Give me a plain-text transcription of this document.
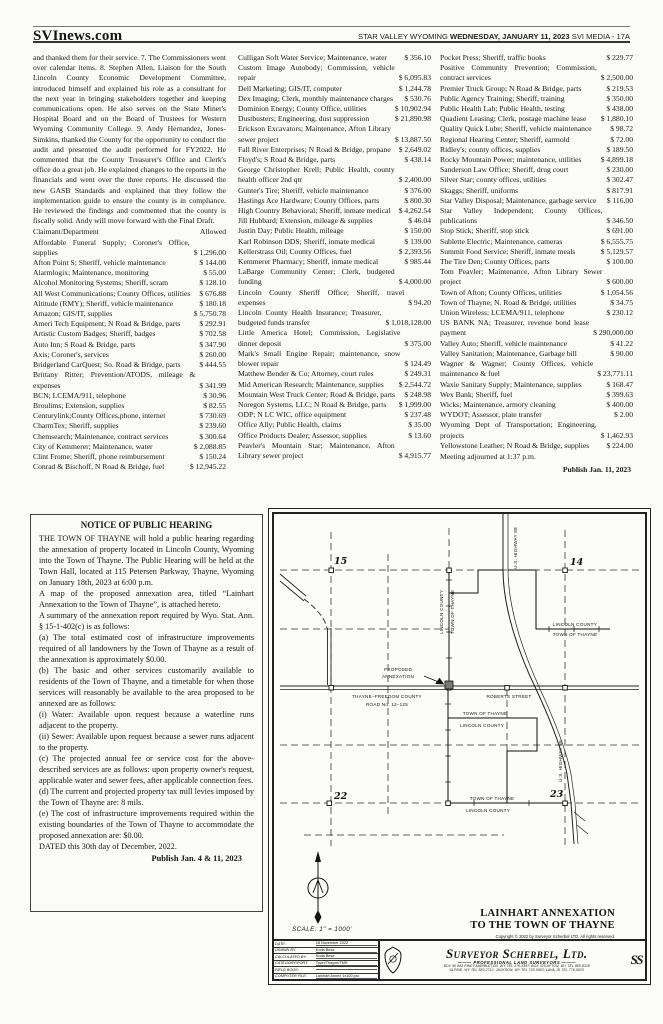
SVInews.com	STAR VALLEY WYOMING WEDNESDAY, JANUARY 11, 2023 SVI MEDIA - 17A

and thanked them for their service. 7. The Commissioners went over calendar items. 8. Stephen Allen, Liaison for the South Lincoln County Economic Development Committee, introduced himself and explained his role as a consultant for the next year in bringing stakeholders together and keeping communications open. He also serves on the State Miner's Hospital Board and on the Board of Trustees for Western Wyoming Community College. 9. Andy Hernandez, Jones-Simkins, thanked the County for the opportunity to conduct the audit and presented the audit performed for FY2022. He commented that the County Treasurer's Office and Clerk's office do a great job. He explained changes to the reports in the financials and went over the three reports. He discussed the new GASB Standards and explained that they follow the implementation guide to ensure the county is in compliance. He reviewed the findings and commented that the county is fiscally solid. Andy will move forward with the Final Draft.

Claimant/Department	Allowed
Affordable Funeral Supply; Coroner's Office, supplies	$ 1,296.00
Afton Point S; Sheriff, vehicle maintenance	$ 144.00
Alarmlogix; Maintenance, monitoring	$ 55.00
Alcohol Monitoring Systems; Sheriff, scram	$ 128.10
All West Communications; County Offices, utilities	$ 676.88
Altitude (RMY); Sheriff, vehicle maintenance	$ 180.18
Amazon; GIS/IT, supplies	$ 5,750.78
Ameri Tech Equipment; N Road & Bridge, parts	$ 292.91
Artistic Custom Badges; Sheriff, badges	$ 702.58
Auto Inn; S Road & Bridge, parts	$ 347.90
Axis; Coroner's, services	$ 260.00
Bridgerland CarQuest; So. Road & Bridge, parts	$ 444.55
Brittany Ritter; Prevention/ATODS, mileage & expenses	$ 341.99
BCN; LCEMA/911, telephone	$ 30.96
Broulims; Extension, supplies	$ 82.55
Centurylink;County Offices,phone, internet	$ 730.69
CharmTex; Sheriff, supplies	$ 239.60
Chemsearch; Maintenance, contract services	$ 300.64
City of Kemmerer; Maintenance, water	$ 2,088.85
Clint Frome; Sheriff, phone reimbursement	$ 150.24
Conrad & Bischoff, N Road & Bridge, fuel	$ 12,945.22
Culligan Soft Water Service; Maintenance, water	$ 356.10
Custom Image Autobody; Commission, vehicle repair	$ 6,095.83
Dell Marketing; GIS/IT, computer	$ 1,244.78
Dex Imaging; Clerk, monthly maintenance charges	$ 530.76
Dominion Energy; County Office, utilities	$ 10,902.94
Dustbusters; Engineering, dust suppression	$ 21,890.98
Erickson Excavators; Maintenance, Afton Library sewer project	$ 13,887.50
Fall River Enterprises; N Road & Bridge, propane	$ 2,649.02
Floyd's; S Road & Bridge, parts	$ 438.14
George Christopher Krell; Public Health, county health officer 2nd qtr	$ 2,400.00
Gunter's Tire; Sheriff, vehicle maintenance	$ 376.00
Hastings Ace Hardware; County Offices, parts	$ 800.30
High Country Behavioral; Sheriff, inmate medical	$ 4,262.54
Jill Hubbard; Extension, mileage & supplies	$ 46.04
Justin Day; Public Health, mileage	$ 150.00
Karl Robinson DDS; Sheriff, inmate medical	$ 139.00
Kellerstrass Oil; County Offices, fuel	$ 2,393.56
Kemmerer Pharmacy; Sheriff, inmate medical	$ 985.44
LaBarge Community Center; Clerk, budgeted funding	$ 4,000.00
Lincoln County Sheriff Office; Sheriff, travel expenses	$ 94.20
Lincoln County Health Insurance; Treasurer, budgeted funds transfer	$ 1,018,128.00
Little America Hotel; Commission, Legislative dinner deposit	$ 375.00
Mark's Small Engine Repair; maintenance, snow blower repair	$ 124.49
Matthew Bender & Co; Attorney, court rules	$ 249.31
Mid American Research; Maintenance, supplies	$ 2,544.72
Mountain West Truck Center; Road & Bridge, parts	$ 248.98
Noregon Systems, LLC; N Road & Bridge, parts	$ 1,999.00
ODP; N LC WIC, office equipment	$ 237.48
Office Ally; Public Health, claims	$ 35.00
Office Products Dealer; Assessor, supplies	$ 13.60
Peavler's Mountain Star; Maintenance, Afton Library sewer project	$ 4,915.77
Pocket Press; Sheriff, traffic books	$ 229.77
Positive Community Prevention; Commission, contract services	$ 2,500.00
Premier Truck Group; N Road & Bridge, parts	$ 219.53
Public Agency Training; Sheriff, training	$ 350.00
Public Health Lab; Public Health, testing	$ 438.00
Quadient Leasing; Clerk, postage machine lease	$ 1,880.10
Quality Quick Lube; Sheriff, vehicle maintenance	$ 98.72
Regional Hearing Center; Sheriff, earmold	$ 72.00
Ridley's; county offices, supplies	$ 189.50
Rocky Mountain Power; maintenance, utilities	$ 4,899.18
Sanderson Law Office; Sheriff, drug court	$ 230.00
Silver Star; county offices, utilities	$ 302.47
Skaggs; Sheriff, uniforms	$ 817.91
Star Valley Disposal; Maintenance, garbage service	$ 116.00
Star Valley Independent; County Offices, publications	$ 346.50
Stop Stick; Sheriff, stop stick	$ 691.00
Sublette Electric; Maintenance, cameras	$ 6,555.75
Summit Food Service; Sheriff, inmate meals	$ 5,129.57
The Tire Den; County Offices, parts	$ 100.00
Tom Peavler; Maintenance, Afton Library Sewer project	$ 600.00
Town of Afton; County Offices, utilities	$ 1,054.56
Town of Thayne; N. Road & Bridge, utilities	$ 34.75
Union Wireless; LCEMA/911, telephone	$ 230.12
US BANK NA; Treasurer, revenue bond lease payment	$ 290,000.00
Valley Auto; Sheriff, vehicle maintenance	$ 41.22
Valley Sanitation; Maintenance, Garbage bill	$ 90.00
Wagner & Wagner; County Offices, vehicle maintenance & fuel	$ 23,771.11
Waxie Sanitary Supply; Maintenance, supplies	$ 168.47
Wex Bank; Sheriff, fuel	$ 399.63
Wicks; Maintenance, armory cleaning	$ 400.00
WYDOT; Assessor, plate transfer	$ 2.00
Wyoming Dept of Transportation; Engineering, projects	$ 1,462.93
Yellowstone Leather; N Road & Bridge, supplies	$ 224.00
Meeting adjourned at 1:37 p.m.
Publish Jan. 11, 2023
NOTICE OF PUBLIC HEARING

THE TOWN OF THAYNE will hold a public hearing regarding the annexation of property located in Lincoln County, Wyoming into the Town of Thayne. The Public Hearing will be held at the Town Hall, located at 115 Petersen Parkway, Thayne, Wyoming on January 18th, 2023 at 6:00 p.m.

A map of the proposed annexation area, titled “Lainhart Annexation to the Town of Thayne”, is attached hereto.

A summary of the annexation report required by Wyo. Stat. Ann. § 15-1-402(c) is as follows:

(a) The total estimated cost of infrastructure improvements required of all landowners by the Town of Thayne as a result of the annexation is approximately $0.00.

(b) The basic and other services customarily available to residents of the Town of Thayne, and a timetable for when those services will reasonably be available to the area proposed to be annexed are as follows:

(i) Water: Available upon request because a waterline runs adjacent to the property.

(ii) Sewer: Available upon request because a sewer runs adjacent to the property.

(c) The projected annual fee or service cost for the above-described services are as follows: upon property owner's request, applicable water and sewer fees, after applicable connection fees.

(d) The current and projected property tax mill levies imposed by the Town of Thayne are: 8 mils.

(e) The cost of infrastructure improvements required within the existing boundaries of the Town of Thayne to accommodate the proposed annexation are: $0.00.

DATED this 30th day of December, 2022.

Publish Jan. 4 & 11, 2023
15	14
22	23
U.S. HIGHWAY 89
U.S. HIGHWAY 89
LINCOLN COUNTY TOWN OF THAYNE	LINCOLN COUNTY
TOWN OF THAYNE
PROPOSED
ANNEXATION
THAYNE–FREEDOM COUNTY
ROAD No. 12–125
ROBERTS STREET
TOWN OF THAYNE
LINCOLN COUNTY
TOWN OF THAYNE
LINCOLN COUNTY
SCALE: 1" = 1000'
LAINHART ANNEXATION
TO THE TOWN OF THAYNE
Copyright © 2022 by Surveyor Scherbel LTD. All rights reserved.
DATE:	28 November 2022
DRAWN BY:	Koda Besa
CALCULATED BY:	Koda Besa
CATEGORY/PORT:	Town/Thayne/TMR
FIELD BOOK:
COMPUTER FILE:	Lainhart Annex 1x100.pro
Surveyor Scherbel, Ltd.
——— PROFESSIONAL LAND SURVEYORS ———
BOX 96 BIG PINEY-MARBLETON, WY TEL 276-3347; BOX 325 AFTON, WY TEL 885-8318
ALPINE, WY TEL 883-2712; JACKSON, WY TEL 733-5903; LAVA, ID TEL 776-5633
SS
